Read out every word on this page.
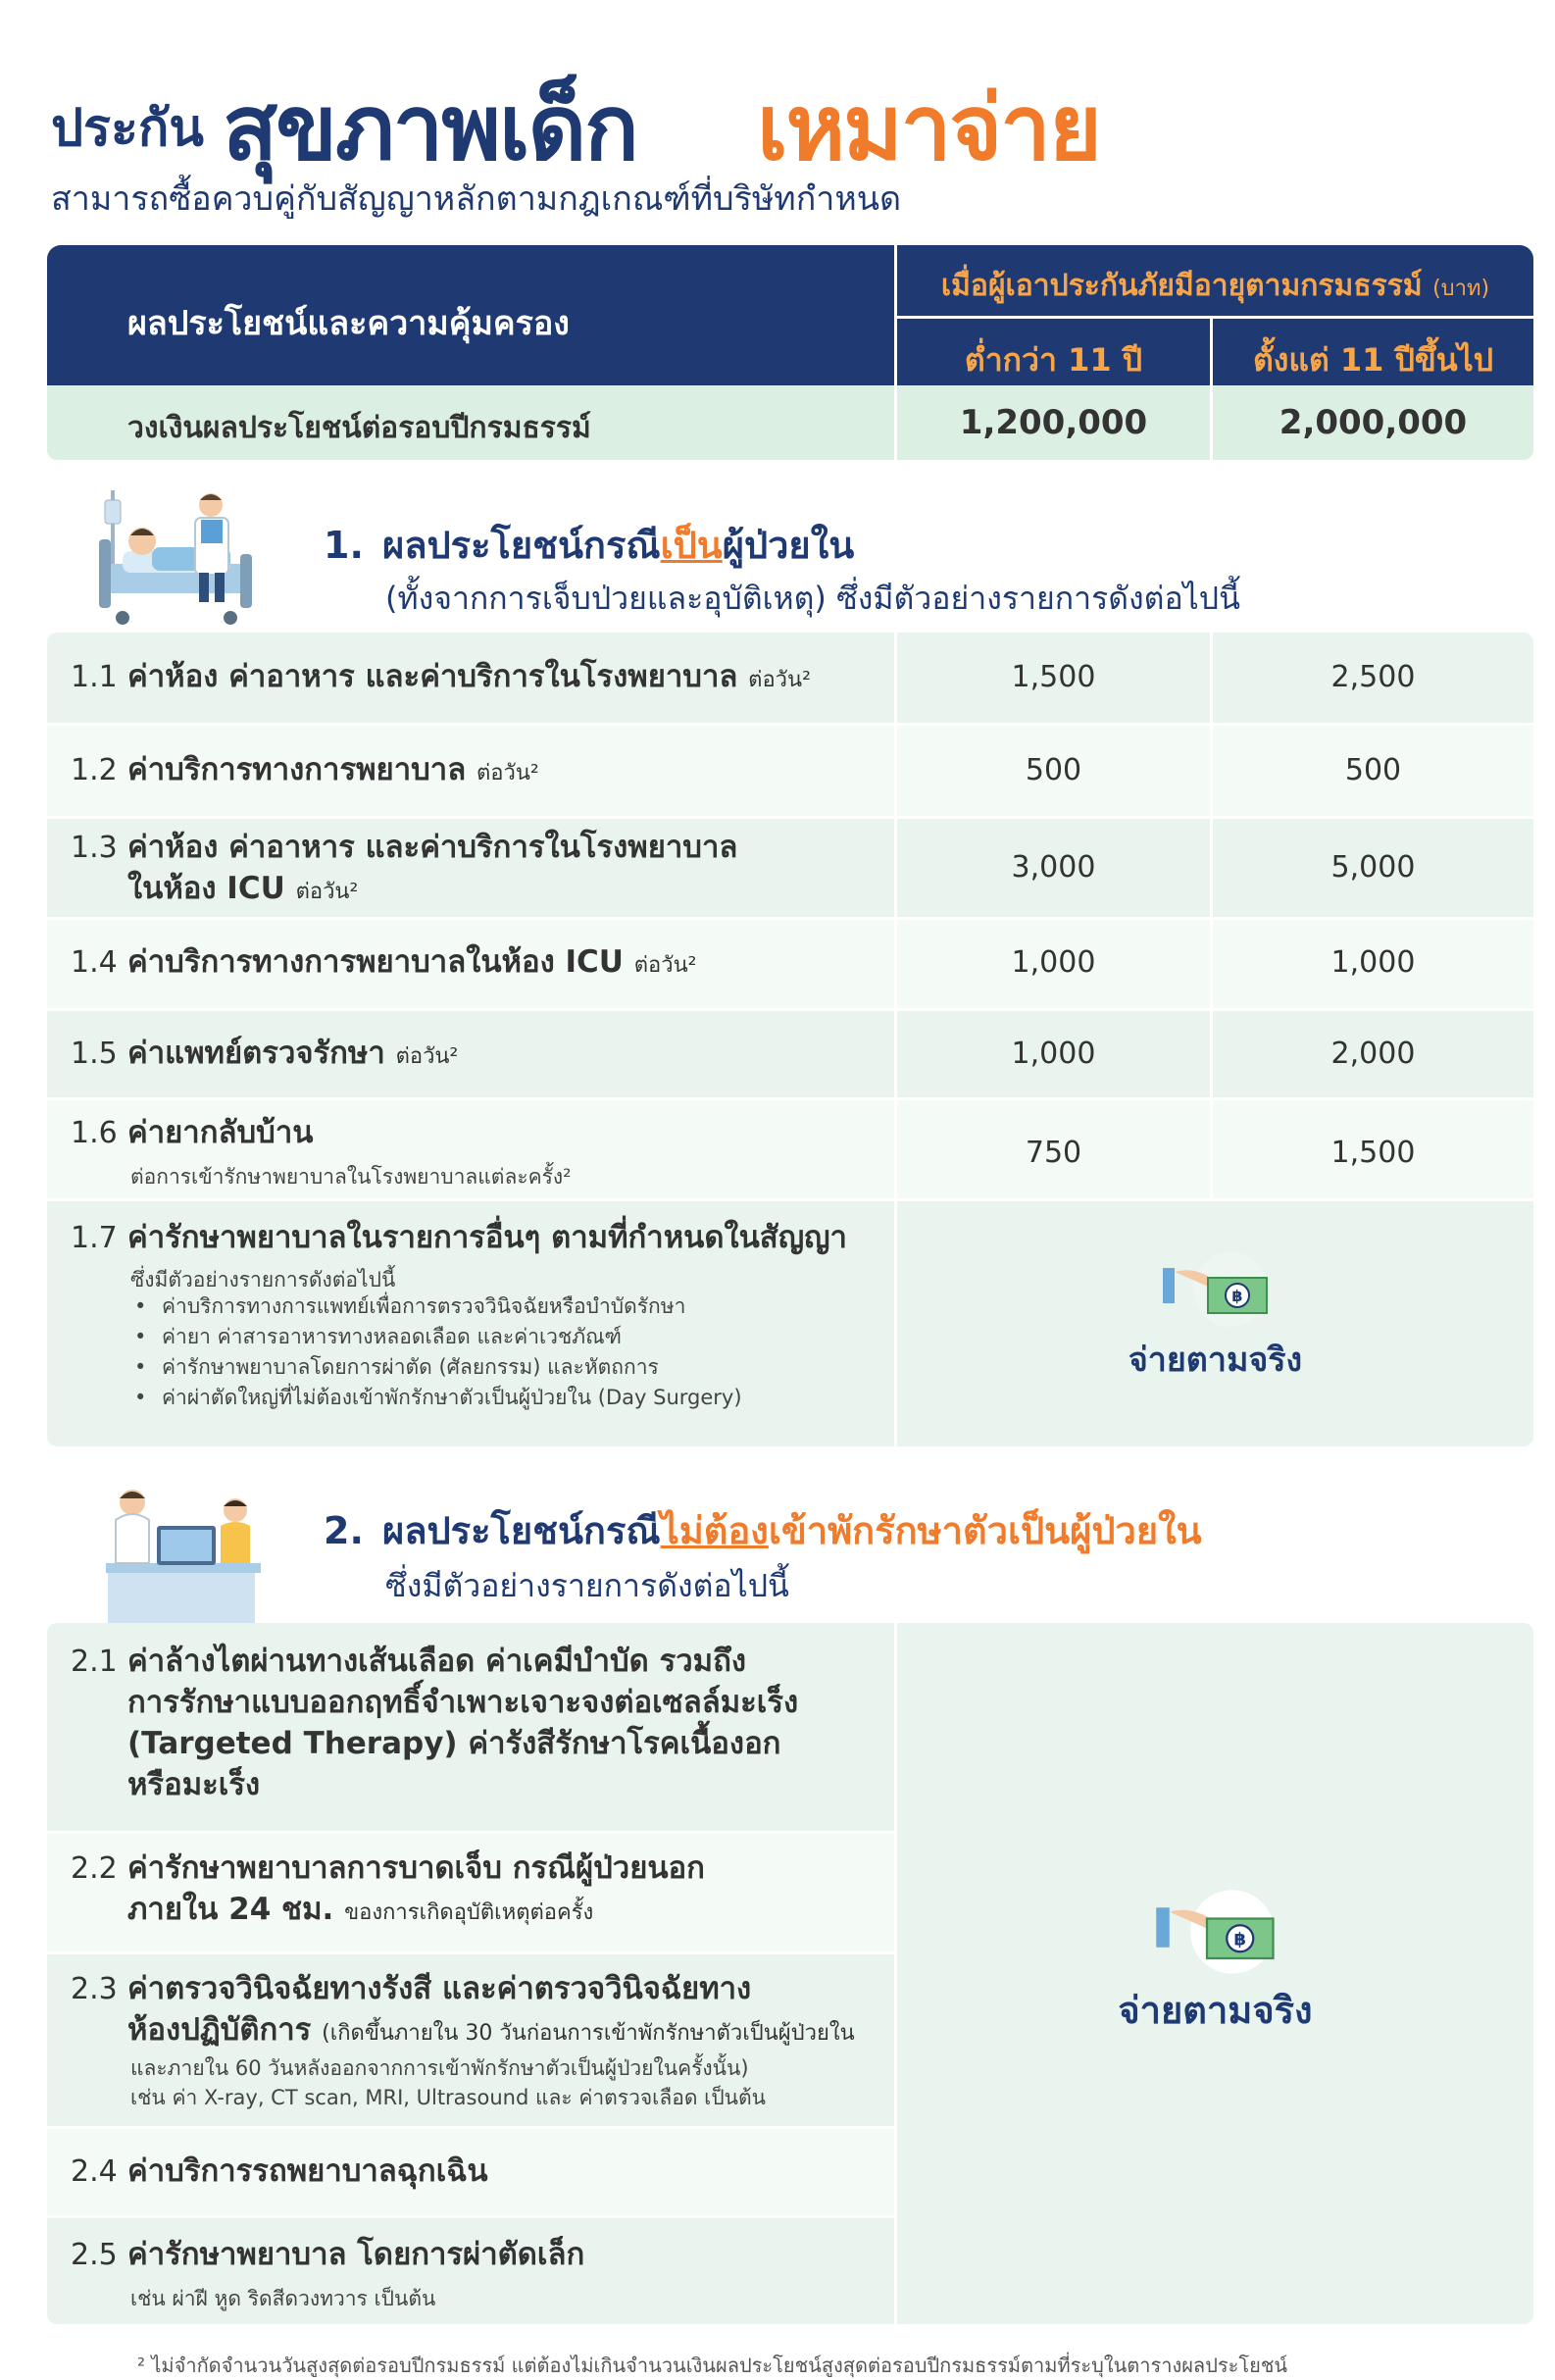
ประกัน สุขภาพเด็ก เหมาจ่าย
สามารถซื้อควบคู่กับสัญญาหลักตามกฎเกณฑ์ที่บริษัทกำหนด
ผลประโยชน์และความคุ้มครอง
เมื่อผู้เอาประกันภัยมีอายุตามกรมธรรม์ (บาท)
ต่ำกว่า 11 ปี	ตั้งแต่ 11 ปีขึ้นไป
วงเงินผลประโยชน์ต่อรอบปีกรมธรรม์	1,200,000	2,000,000
1. ผลประโยชน์กรณีเป็นผู้ป่วยใน
(ทั้งจากการเจ็บป่วยและอุบัติเหตุ) ซึ่งมีตัวอย่างรายการดังต่อไปนี้
1.1 ค่าห้อง ค่าอาหาร และค่าบริการในโรงพยาบาล ต่อวัน²	1,500	2,500
1.2 ค่าบริการทางการพยาบาล ต่อวัน²	500	500
1.3 ค่าห้อง ค่าอาหาร และค่าบริการในโรงพยาบาล
ในห้อง ICU ต่อวัน²
3,000	5,000
1.4 ค่าบริการทางการพยาบาลในห้อง ICU ต่อวัน²	1,000	1,000
1.5 ค่าแพทย์ตรวจรักษา ต่อวัน²	1,000	2,000
1.6 ค่ายากลับบ้าน
ต่อการเข้ารักษาพยาบาลในโรงพยาบาลแต่ละครั้ง²
750	1,500
1.7 ค่ารักษาพยาบาลในรายการอื่นๆ ตามที่กำหนดในสัญญา
ซึ่งมีตัวอย่างรายการดังต่อไปนี้
• ค่าบริการทางการแพทย์เพื่อการตรวจวินิจฉัยหรือบำบัดรักษา
• ค่ายา ค่าสารอาหารทางหลอดเลือด และค่าเวชภัณฑ์
• ค่ารักษาพยาบาลโดยการผ่าตัด (ศัลยกรรม) และหัตถการ
• ค่าผ่าตัดใหญ่ที่ไม่ต้องเข้าพักรักษาตัวเป็นผู้ป่วยใน (Day Surgery)
฿
จ่ายตามจริง
2. ผลประโยชน์กรณีไม่ต้องเข้าพักรักษาตัวเป็นผู้ป่วยใน
ซึ่งมีตัวอย่างรายการดังต่อไปนี้
2.1 ค่าล้างไตผ่านทางเส้นเลือด ค่าเคมีบำบัด รวมถึง
การรักษาแบบออกฤทธิ์จำเพาะเจาะจงต่อเซลล์มะเร็ง
(Targeted Therapy) ค่ารังสีรักษาโรคเนื้องอก
หรือมะเร็ง
2.2 ค่ารักษาพยาบาลการบาดเจ็บ กรณีผู้ป่วยนอก
ภายใน 24 ชม. ของการเกิดอุบัติเหตุต่อครั้ง
2.3 ค่าตรวจวินิจฉัยทางรังสี และค่าตรวจวินิจฉัยทาง
ห้องปฏิบัติการ (เกิดขึ้นภายใน 30 วันก่อนการเข้าพักรักษาตัวเป็นผู้ป่วยใน
และภายใน 60 วันหลังออกจากการเข้าพักรักษาตัวเป็นผู้ป่วยในครั้งนั้น)
เช่น ค่า X-ray, CT scan, MRI, Ultrasound และ ค่าตรวจเลือด เป็นต้น
2.4 ค่าบริการรถพยาบาลฉุกเฉิน
2.5 ค่ารักษาพยาบาล โดยการผ่าตัดเล็ก
เช่น ผ่าฝี หูด ริดสีดวงทวาร เป็นต้น
฿
จ่ายตามจริง
² ไม่จำกัดจำนวนวันสูงสุดต่อรอบปีกรมธรรม์ แต่ต้องไม่เกินจำนวนเงินผลประโยชน์สูงสุดต่อรอบปีกรมธรรม์ตามที่ระบุในตารางผลประโยชน์
